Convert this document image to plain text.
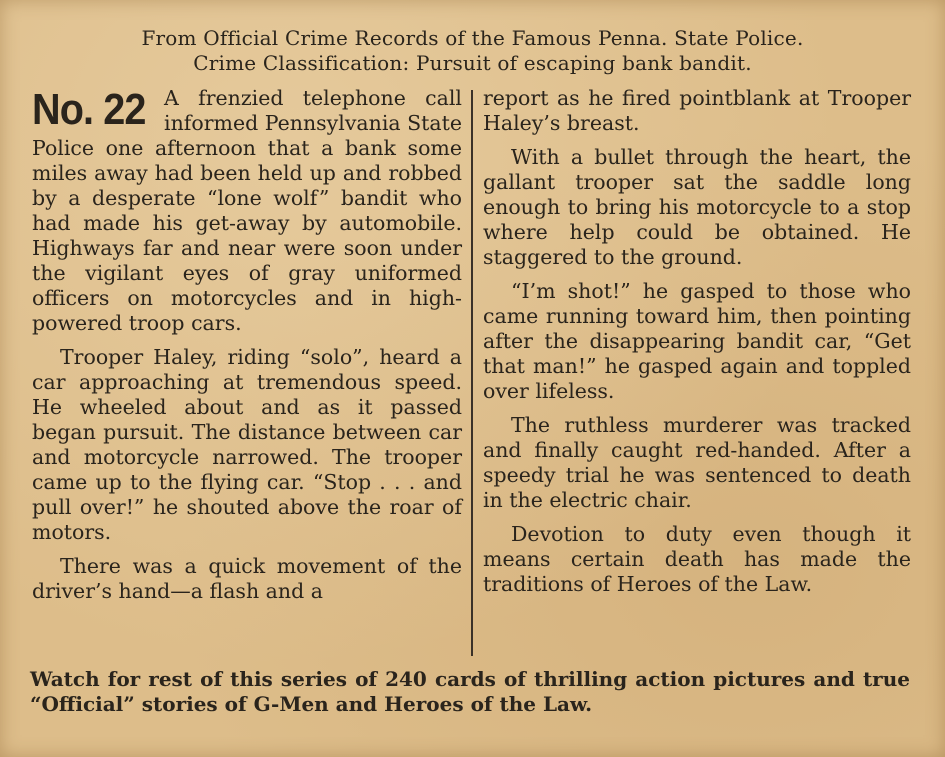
From Official Crime Records of the Famous Penna. State Police.
Crime Classification: Pursuit of escaping bank bandit.
No. 22 A frenzied telephone call informed Pennsylvania State Police one afternoon that a bank some miles away had been held up and robbed by a desperate “lone wolf” bandit who had made his get-away by automobile. Highways far and near were soon under the vigilant eyes of gray uniformed officers on motorcycles and in high-powered troop cars.

Trooper Haley, riding “solo”, heard a car approaching at tremendous speed. He wheeled about and as it passed began pursuit. The distance between car and motorcycle narrowed. The trooper came up to the flying car. “Stop . . . and pull over!” he shouted above the roar of motors.

There was a quick movement of the driver’s hand—a flash and a

report as he fired pointblank at Trooper Haley’s breast.

With a bullet through the heart, the gallant trooper sat the saddle long enough to bring his motorcycle to a stop where help could be obtained. He staggered to the ground.

“I’m shot!” he gasped to those who came running toward him, then pointing after the disappearing bandit car, “Get that man!” he gasped again and toppled over lifeless.

The ruthless murderer was tracked and finally caught red-handed. After a speedy trial he was sentenced to death in the electric chair.

Devotion to duty even though it means certain death has made the traditions of Heroes of the Law.

Watch for rest of this series of 240 cards of thrilling action pictures and true “Official” stories of G-Men and Heroes of the Law.
